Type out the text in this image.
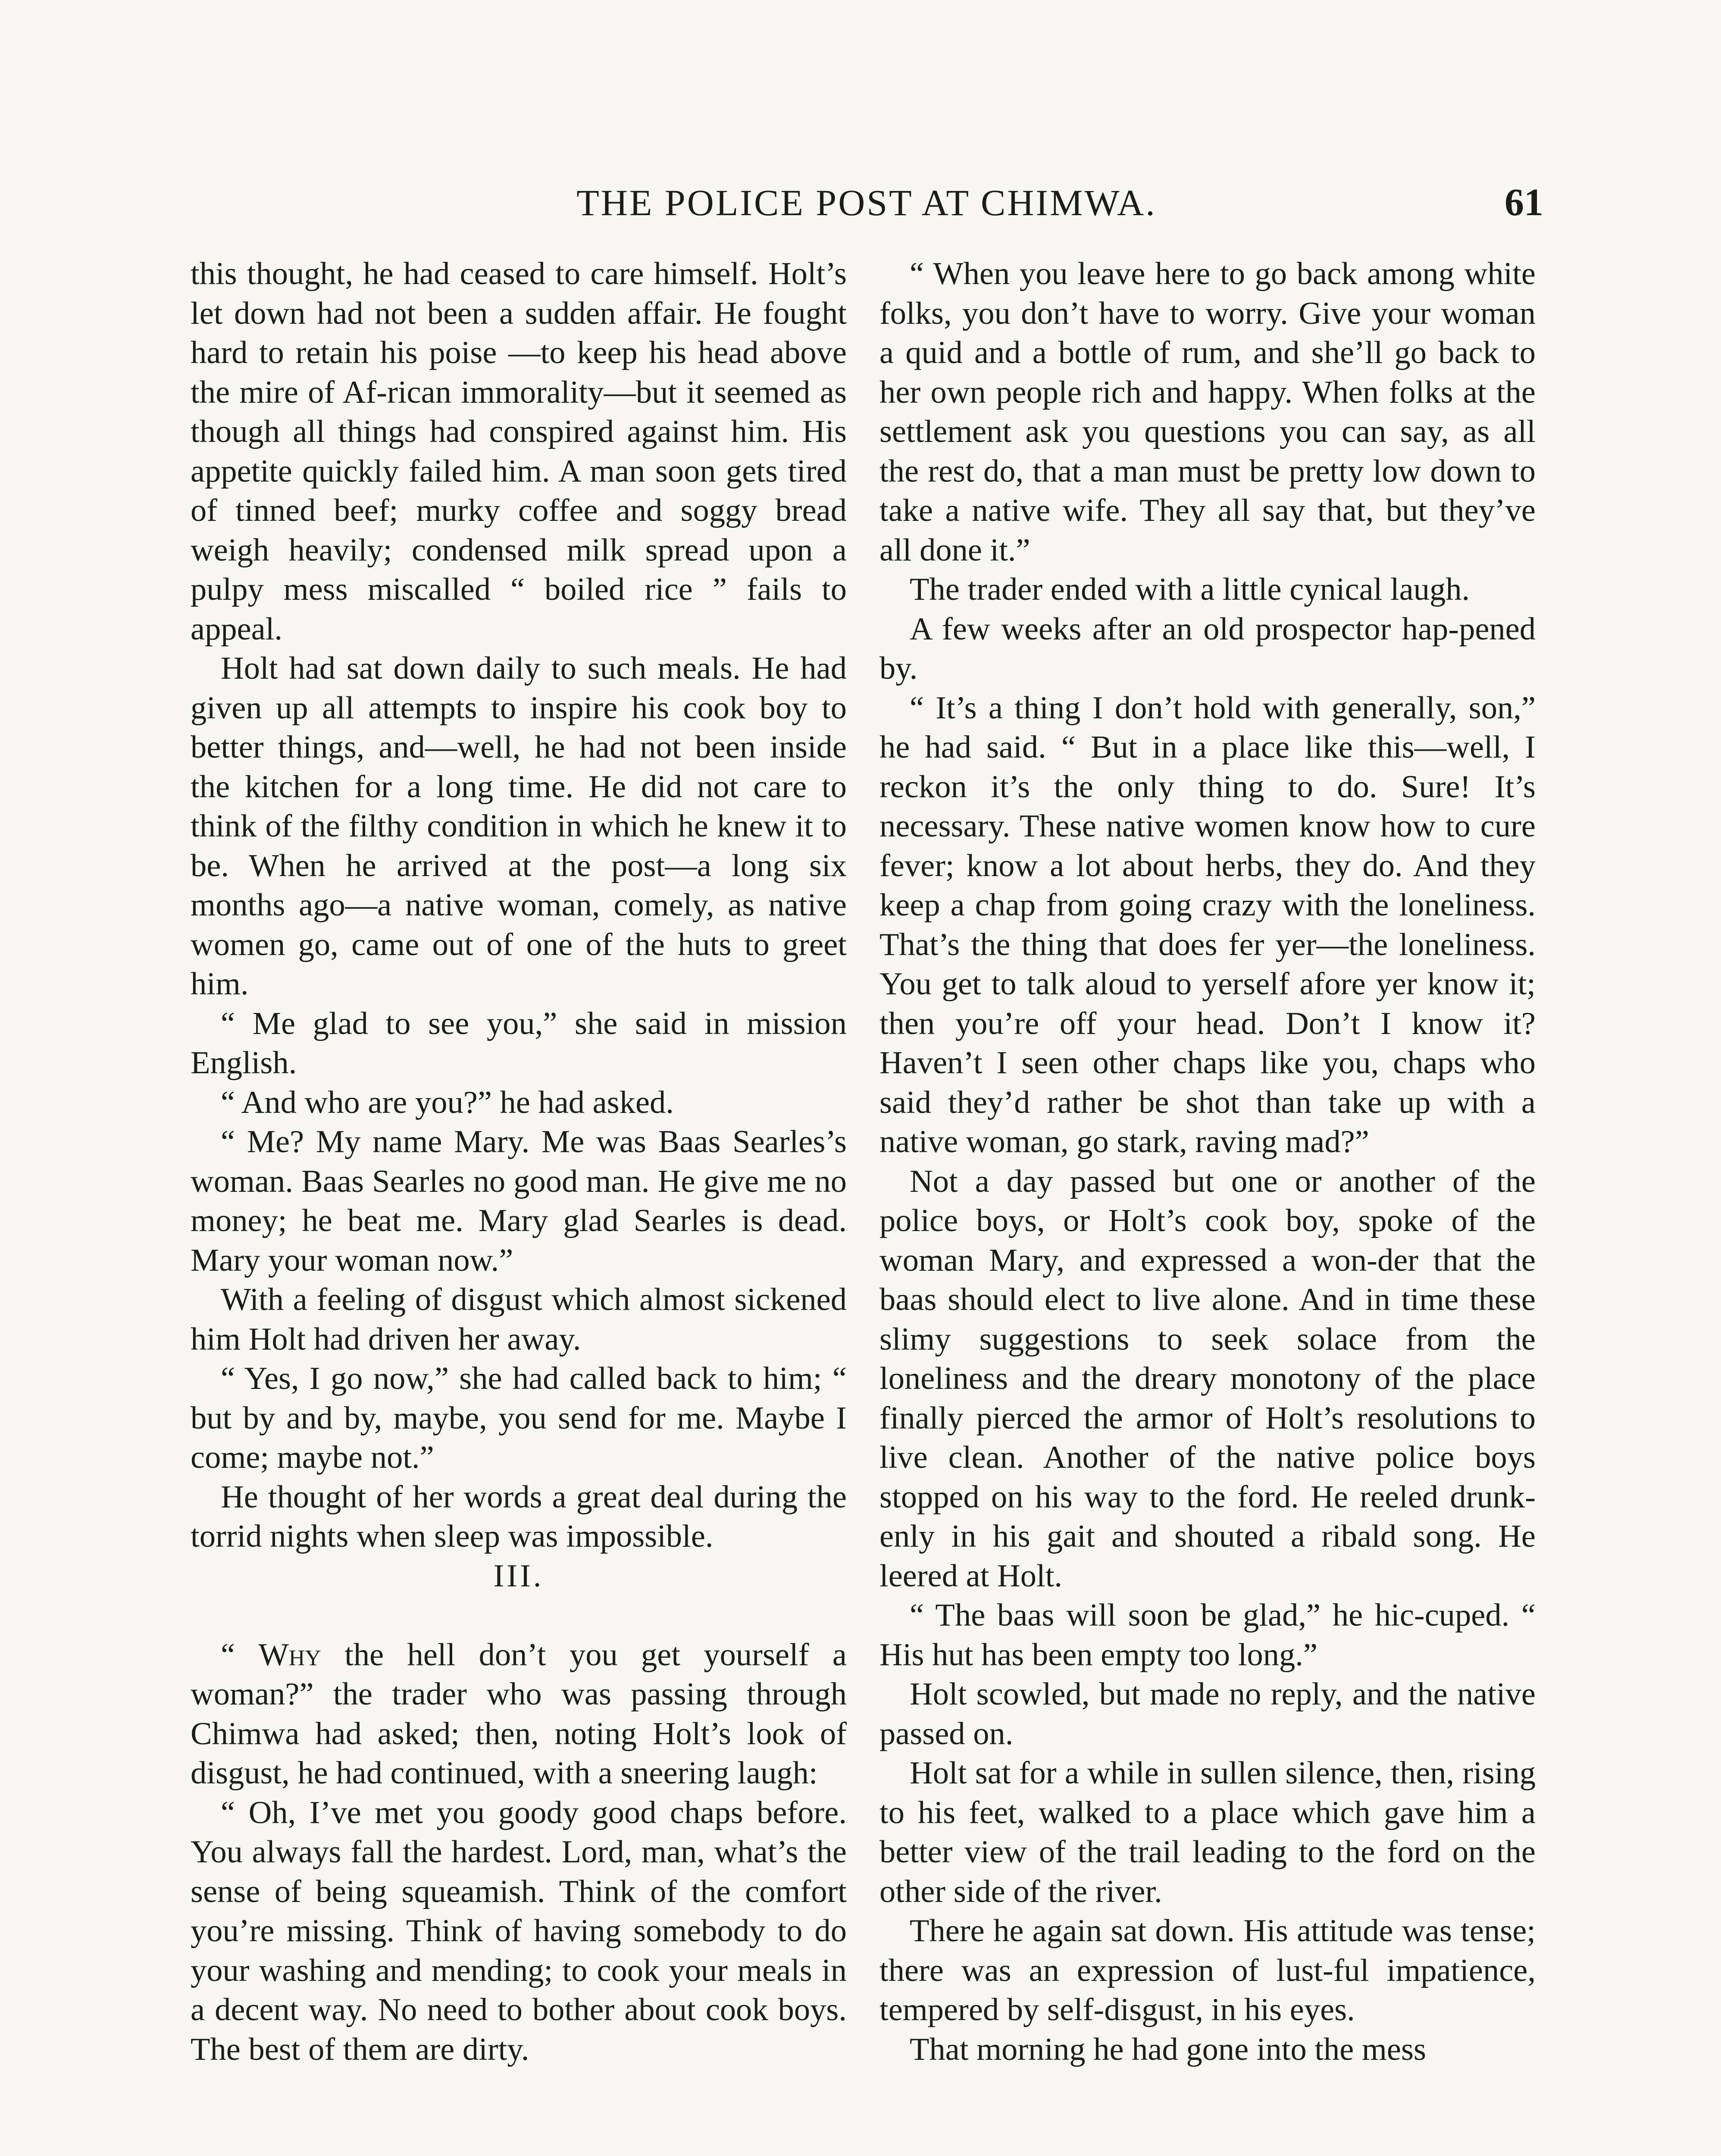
THE POLICE POST AT CHIMWA.	61

this thought, he had ceased to care himself. Holt’s let down had not been a sudden affair. He fought hard to retain his poise —to keep his head above the mire of Af-rican immorality—but it seemed as though all things had conspired against him. His appetite quickly failed him. A man soon gets tired of tinned beef; murky coffee and soggy bread weigh heavily; condensed milk spread upon a pulpy mess miscalled “ boiled rice ” fails to appeal.

Holt had sat down daily to such meals. He had given up all attempts to inspire his cook boy to better things, and—well, he had not been inside the kitchen for a long time. He did not care to think of the filthy condition in which he knew it to be. When he arrived at the post—a long six months ago—a native woman, comely, as native women go, came out of one of the huts to greet him.

“ Me glad to see you,” she said in mission English.

“ And who are you?” he had asked.

“ Me? My name Mary. Me was Baas Searles’s woman. Baas Searles no good man. He give me no money; he beat me. Mary glad Searles is dead. Mary your woman now.”

With a feeling of disgust which almost sickened him Holt had driven her away.

“ Yes, I go now,” she had called back to him; “ but by and by, maybe, you send for me. Maybe I come; maybe not.”

He thought of her words a great deal during the torrid nights when sleep was impossible.

III.

“ Why the hell don’t you get yourself a woman?” the trader who was passing through Chimwa had asked; then, noting Holt’s look of disgust, he had continued, with a sneering laugh:

“ Oh, I’ve met you goody good chaps before. You always fall the hardest. Lord, man, what’s the sense of being squeamish. Think of the comfort you’re missing. Think of having somebody to do your washing and mending; to cook your meals in a decent way. No need to bother about cook boys. The best of them are dirty.

“ When you leave here to go back among white folks, you don’t have to worry. Give your woman a quid and a bottle of rum, and she’ll go back to her own people rich and happy. When folks at the settlement ask you questions you can say, as all the rest do, that a man must be pretty low down to take a native wife. They all say that, but they’ve all done it.”

The trader ended with a little cynical laugh.

A few weeks after an old prospector hap-pened by.

“ It’s a thing I don’t hold with generally, son,” he had said. “ But in a place like this—well, I reckon it’s the only thing to do. Sure! It’s necessary. These native women know how to cure fever; know a lot about herbs, they do. And they keep a chap from going crazy with the loneliness. That’s the thing that does fer yer—the loneliness. You get to talk aloud to yerself afore yer know it; then you’re off your head. Don’t I know it? Haven’t I seen other chaps like you, chaps who said they’d rather be shot than take up with a native woman, go stark, raving mad?”

Not a day passed but one or another of the police boys, or Holt’s cook boy, spoke of the woman Mary, and expressed a won-der that the baas should elect to live alone. And in time these slimy suggestions to seek solace from the loneliness and the dreary monotony of the place finally pierced the armor of Holt’s resolutions to live clean. Another of the native police boys stopped on his way to the ford. He reeled drunk-enly in his gait and shouted a ribald song. He leered at Holt.

“ The baas will soon be glad,” he hic-cuped. “ His hut has been empty too long.”

Holt scowled, but made no reply, and the native passed on.

Holt sat for a while in sullen silence, then, rising to his feet, walked to a place which gave him a better view of the trail leading to the ford on the other side of the river.

There he again sat down. His attitude was tense; there was an expression of lust-ful impatience, tempered by self-disgust, in his eyes.

That morning he had gone into the mess
